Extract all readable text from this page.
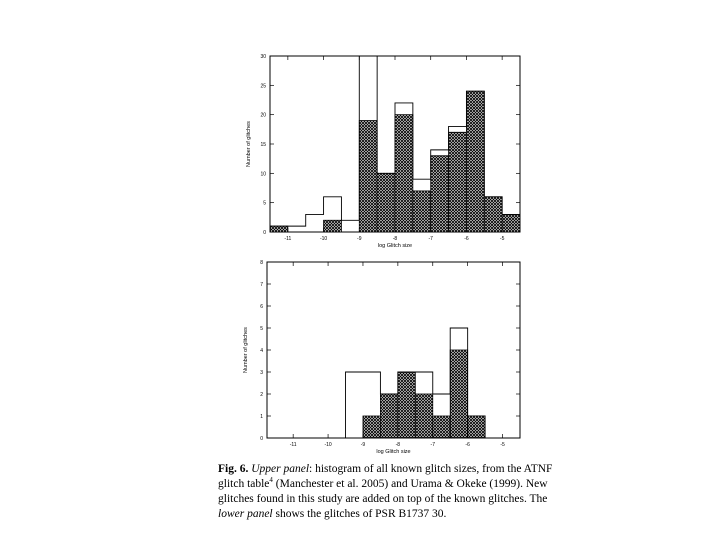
0
5
10
15
20
25
30
-11	-10	-9	-8	-7	-6	-5
log Glitch size
Number of glitches
0
1
2
3
4
5
6
7
8
-11	-10	-9	-8	-7	-6	-5
log Glitch size
Number of glitches
Fig. 6. Upper panel: histogram of all known glitch sizes, from the ATNF glitch table$^4$ (Manchester et al. 2005) and Urama & Okeke (1999). New glitches found in this study are added on top of the known glitches. The lower panel shows the glitches of PSR B1737 30.
